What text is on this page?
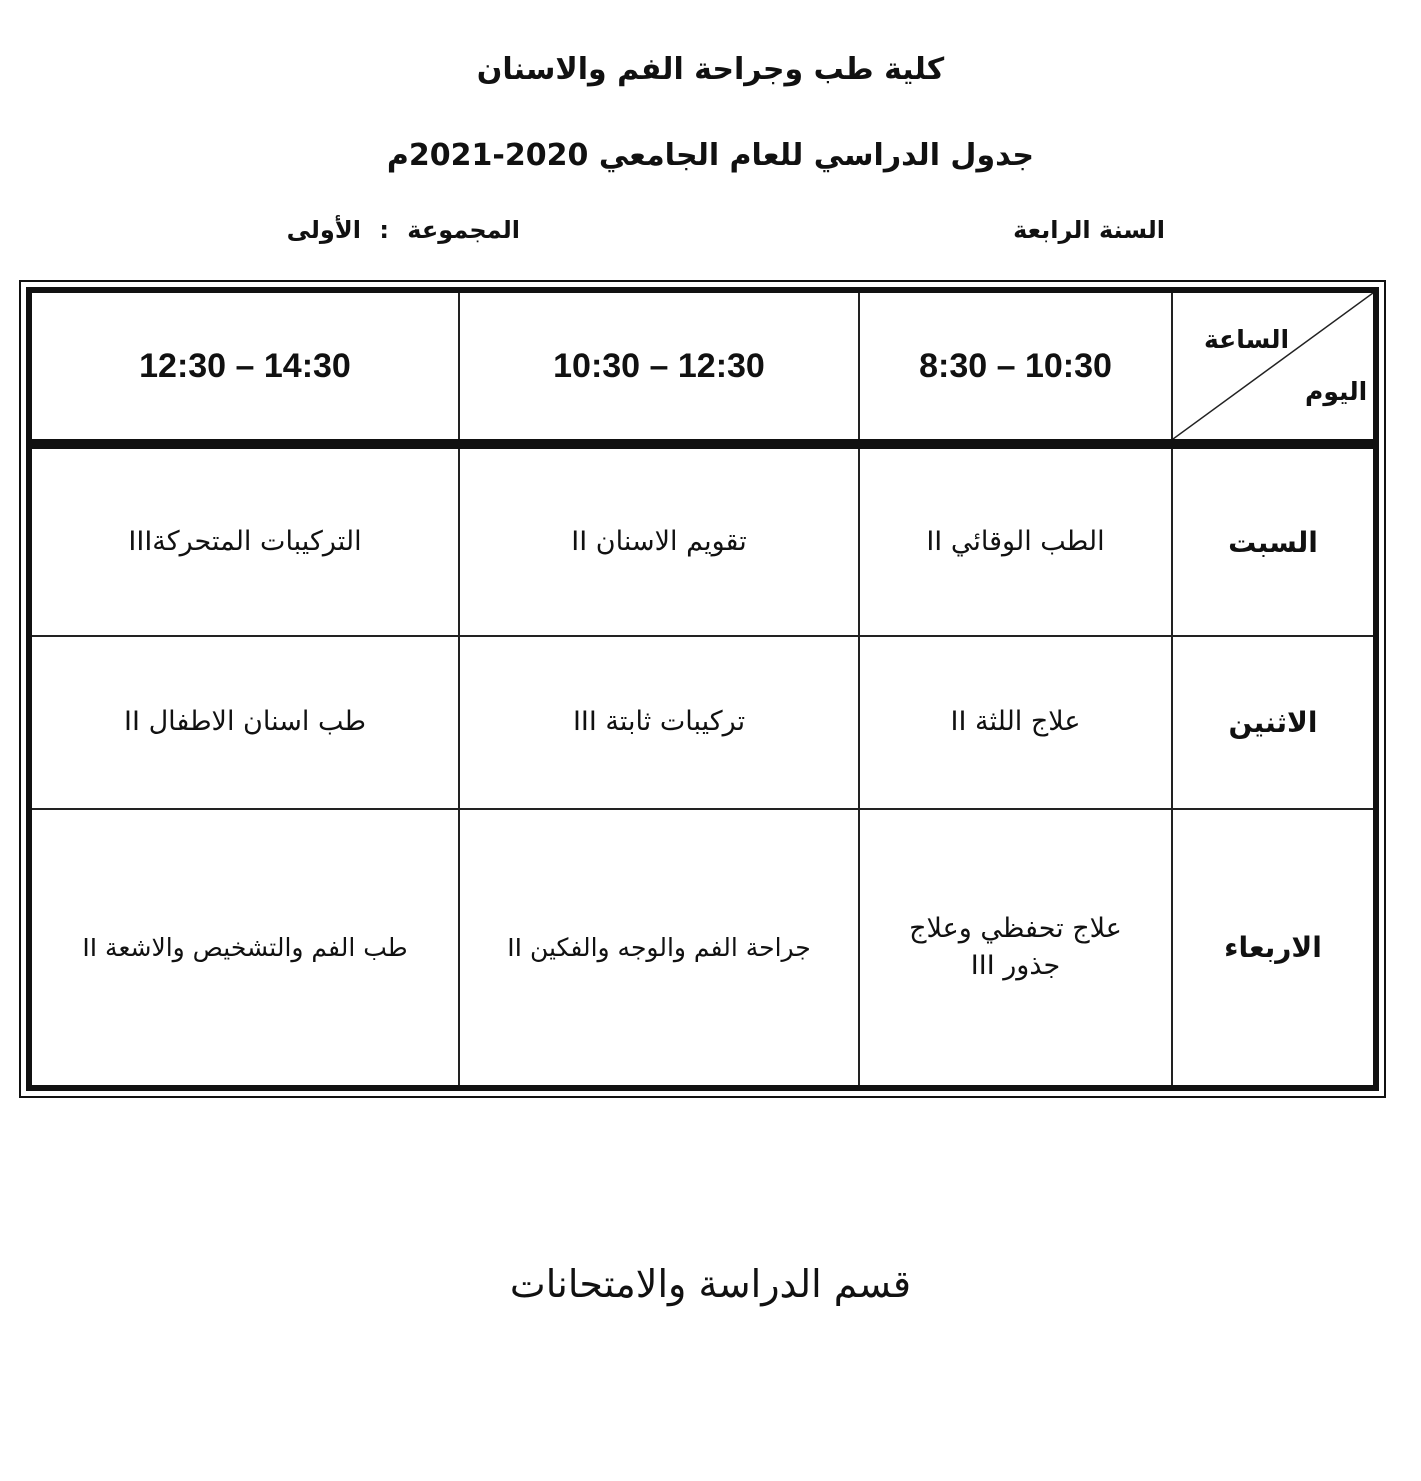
كلية طب وجراحة الفم والاسنان
جدول الدراسي للعام الجامعي 2020-2021م
السنة الرابعة
المجموعة : الأولى
الساعة
اليوم
8:30 – 10:30
10:30 – 12:30
12:30 – 14:30
السبت
الطب الوقائي II
تقويم الاسنان II
التركيبات المتحركةIII
الاثنين
علاج اللثة II
تركيبات ثابتة III
طب اسنان الاطفال II
الاربعاء
علاج تحفظي وعلاج جذور III
جراحة الفم والوجه والفكين II
طب الفم والتشخيص والاشعة II
قسم الدراسة والامتحانات
